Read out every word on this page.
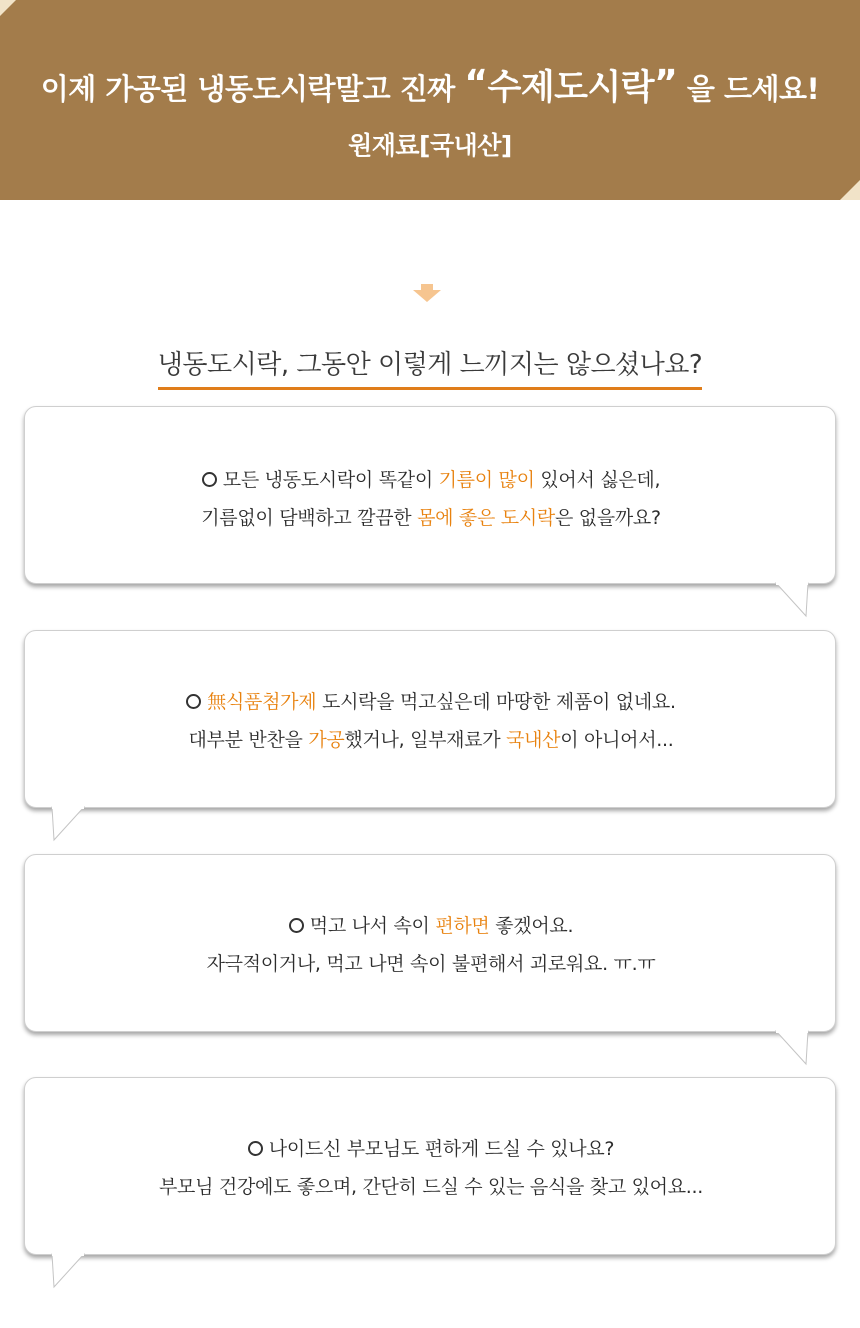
이제 가공된 냉동도시락말고 진짜 “수제도시락” 을 드세요!
원재료[국내산]
냉동도시락, 그동안 이렇게 느끼지는 않으셨나요?
모든 냉동도시락이 똑같이 기름이 많이 있어서 싫은데,
기름없이 담백하고 깔끔한 몸에 좋은 도시락은 없을까요?
無식품첨가제 도시락을 먹고싶은데 마땅한 제품이 없네요.
대부분 반찬을 가공했거나, 일부재료가 국내산이 아니어서...
먹고 나서 속이 편하면 좋겠어요.
자극적이거나, 먹고 나면 속이 불편해서 괴로워요. ㅠ.ㅠ
나이드신 부모님도 편하게 드실 수 있나요?
부모님 건강에도 좋으며, 간단히 드실 수 있는 음식을 찾고 있어요...
